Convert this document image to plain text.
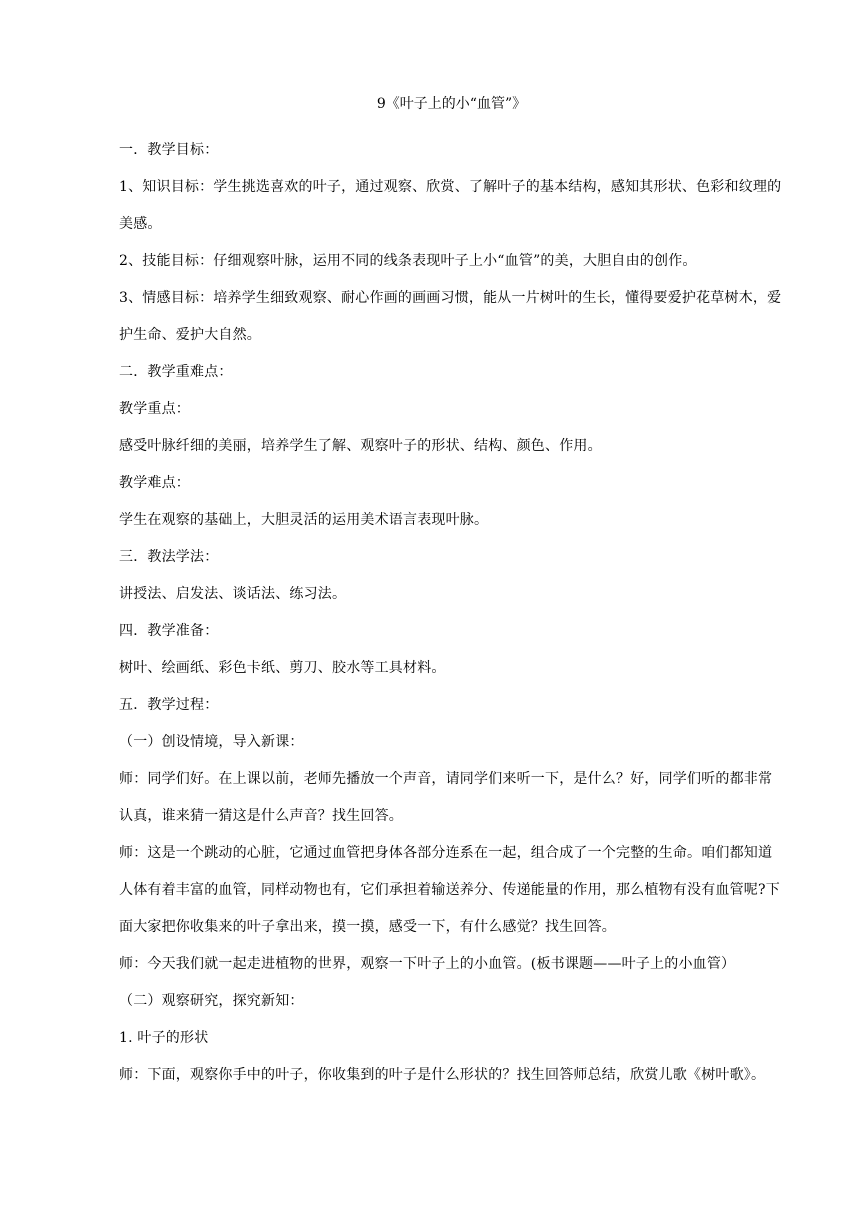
9《叶子上的小“血管”》

一．教学目标：

1、知识目标：学生挑选喜欢的叶子，通过观察、欣赏、了解叶子的基本结构，感知其形状、色彩和纹理的美感。

2、技能目标：仔细观察叶脉，运用不同的线条表现叶子上小“血管”的美，大胆自由的创作。

3、情感目标：培养学生细致观察、耐心作画的画画习惯，能从一片树叶的生长，懂得要爱护花草树木，爱护生命、爱护大自然。

二．教学重难点：

教学重点：

感受叶脉纤细的美丽，培养学生了解、观察叶子的形状、结构、颜色、作用。

教学难点：

学生在观察的基础上，大胆灵活的运用美术语言表现叶脉。

三．教法学法：

讲授法、启发法、谈话法、练习法。

四．教学准备：

树叶、绘画纸、彩色卡纸、剪刀、胶水等工具材料。

五．教学过程：

（一）创设情境，导入新课：

师：同学们好。在上课以前，老师先播放一个声音，请同学们来听一下，是什么？好，同学们听的都非常认真，谁来猜一猜这是什么声音？找生回答。

师：这是一个跳动的心脏，它通过血管把身体各部分连系在一起，组合成了一个完整的生命。咱们都知道人体有着丰富的血管，同样动物也有，它们承担着输送养分、传递能量的作用，那么植物有没有血管呢?下面大家把你收集来的叶子拿出来，摸一摸，感受一下，有什么感觉？找生回答。

师：今天我们就一起走进植物的世界，观察一下叶子上的小血管。(板书课题——叶子上的小血管）

（二）观察研究，探究新知：

1. 叶子的形状

师：下面，观察你手中的叶子，你收集到的叶子是什么形状的？找生回答师总结，欣赏儿歌《树叶歌》。
